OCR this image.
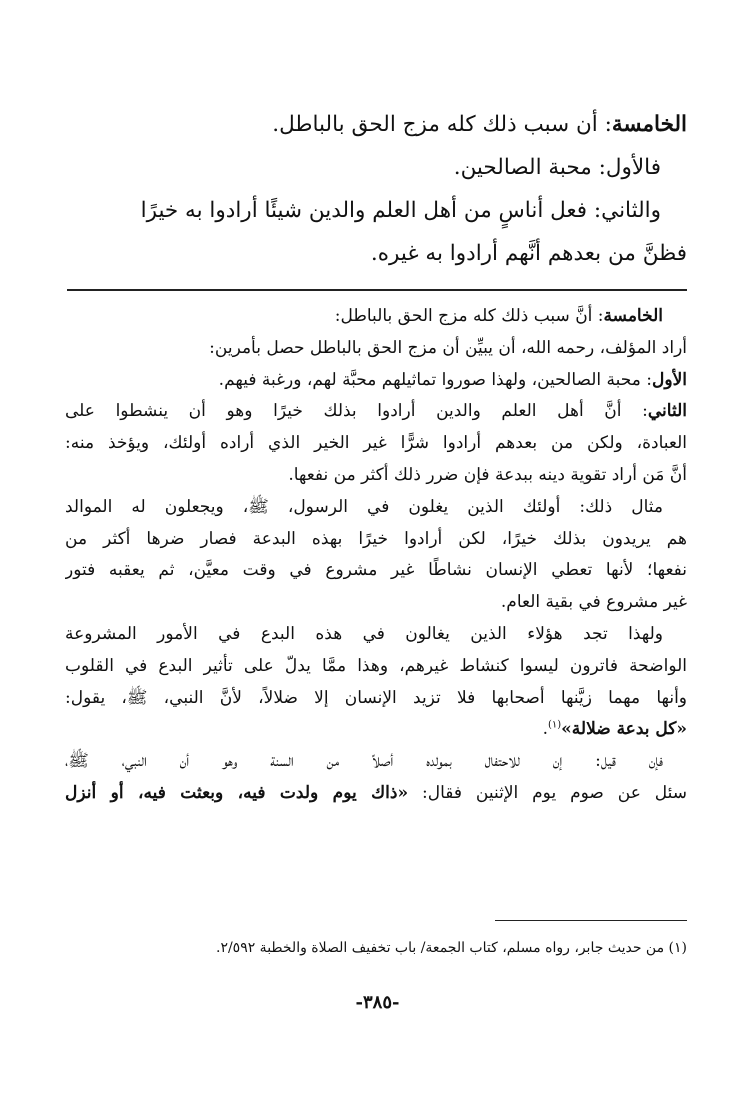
الخامسة: أن سبب ذلك كله مزج الحق بالباطل.
فالأول: محبة الصالحين.
والثاني: فعل أناسٍ من أهل العلم والدين شيئًا أرادوا به خيرًا
فظنَّ من بعدهم أنَّهم أرادوا به غيره.
الخامسة: أنَّ سبب ذلك كله مزج الحق بالباطل:
أراد المؤلف، رحمه الله، أن يبيِّن أن مزج الحق بالباطل حصل بأمرين:
الأول: محبة الصالحين، ولهذا صوروا تماثيلهم محبَّة لهم، ورغبة فيهم.
الثاني: أنَّ أهل العلم والدين أرادوا بذلك خيرًا وهو أن ينشطوا على
العبادة، ولكن من بعدهم أرادوا شرًّا غير الخير الذي أراده أولئك، ويؤخذ منه:
أنَّ مَن أراد تقوية دينه ببدعة فإن ضرر ذلك أكثر من نفعها.
مثال ذلك: أولئك الذين يغلون في الرسول، ﷺ، ويجعلون له الموالد
هم يريدون بذلك خيرًا، لكن أرادوا خيرًا بهذه البدعة فصار ضرها أكثر من
نفعها؛ لأنها تعطي الإنسان نشاطًا غير مشروع في وقت معيَّن، ثم يعقبه فتور
غير مشروع في بقية العام.
ولهذا تجد هؤلاء الذين يغالون في هذه البدع في الأمور المشروعة
الواضحة فاترون ليسوا كنشاط غيرهم، وهذا ممَّا يدلّ على تأثير البدع في القلوب
وأنها مهما زيَّنها أصحابها فلا تزيد الإنسان إلا ضلالاً، لأنَّ النبي، ﷺ، يقول:
«كل بدعة ضلالة»$^{(١)}$.
فإن قيل: إن للاحتفال بمولده أصلاً من السنة وهو أن النبي، ﷺ،
سئل عن صوم يوم الإثنين فقال: «ذاك يوم ولدت فيه، وبعثت فيه، أو أنزل
(١) من حديث جابر، رواه مسلم، كتاب الجمعة/ باب تخفيف الصلاة والخطبة ٢/٥٩٢.
-٣٨٥-
